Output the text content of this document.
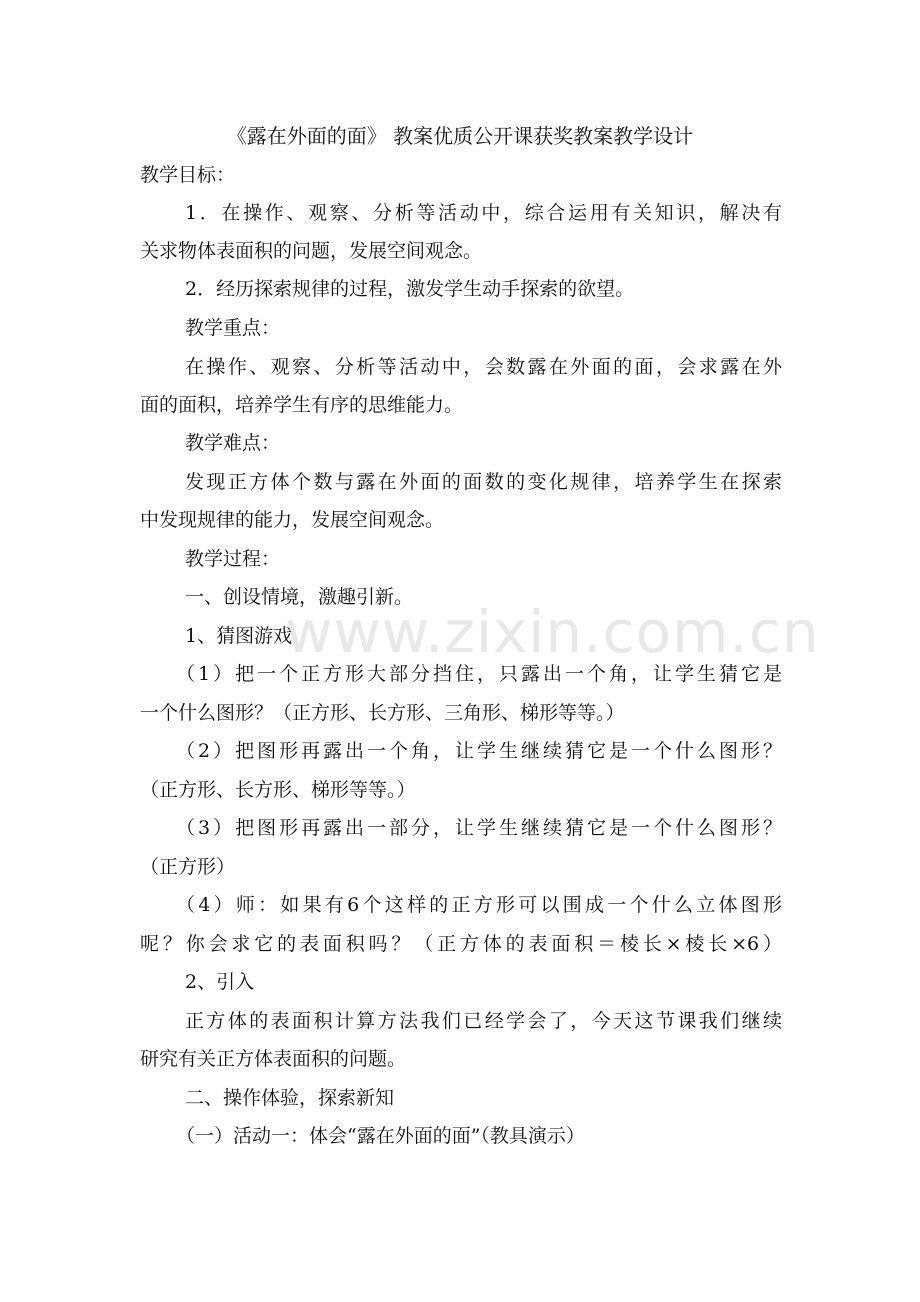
《露在外面的面》 教案优质公开课获奖教案教学设计
教学目标：
1．在操作、观察、分析等活动中，综合运用有关知识，解决有
关求物体表面积的问题，发展空间观念。
2．经历探索规律的过程，激发学生动手探索的欲望。
教学重点：
在操作、观察、分析等活动中，会数露在外面的面，会求露在外
面的面积，培养学生有序的思维能力。
教学难点：
发现正方体个数与露在外面的面数的变化规律，培养学生在探索
中发现规律的能力，发展空间观念。
教学过程：
一、创设情境，激趣引新。
1、猜图游戏
（1）把一个正方形大部分挡住，只露出一个角，让学生猜它是
一个什么图形？（正方形、长方形、三角形、梯形等等。）
（2）把图形再露出一个角，让学生继续猜它是一个什么图形？
（正方形、长方形、梯形等等。）
（3）把图形再露出一部分，让学生继续猜它是一个什么图形？
（正方形）
（4）师：如果有6个这样的正方形可以围成一个什么立体图形
呢？你会求它的表面积吗？（正方体的表面积＝棱长×棱长×6）
2、引入
正方体的表面积计算方法我们已经学会了，今天这节课我们继续
研究有关正方体表面积的问题。
二、操作体验，探索新知
（一）活动一：体会“露在外面的面”（教具演示）
www.zixin.com.cn
